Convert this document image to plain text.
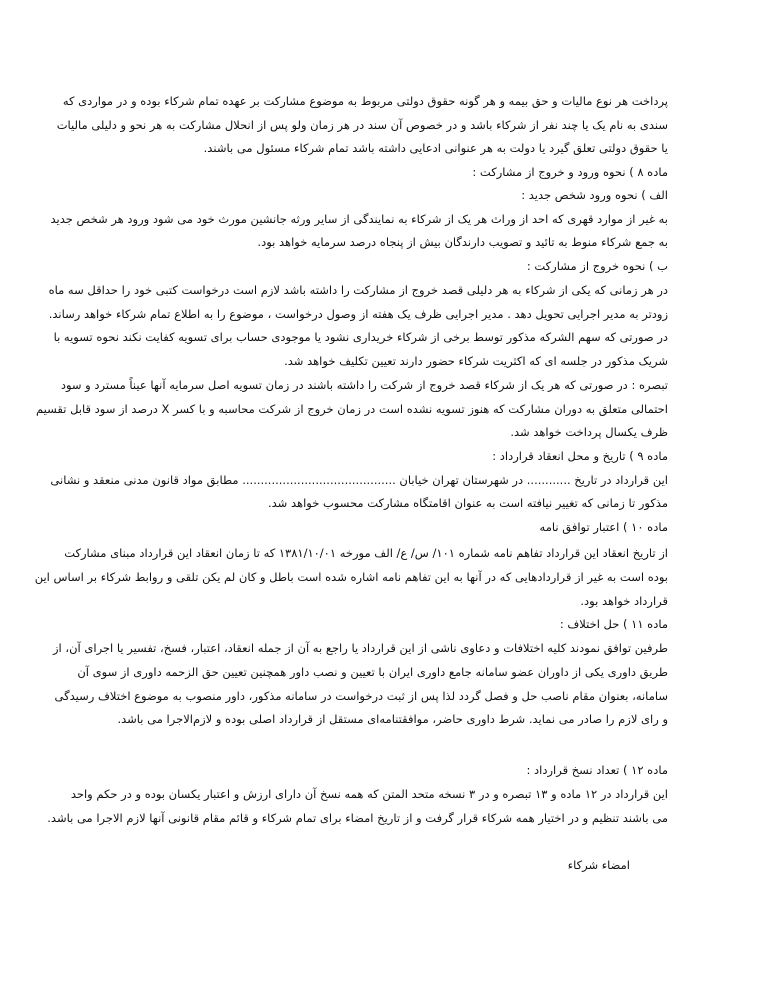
پرداخت هر نوع مالیات و حق بیمه و هر گونه حقوق دولتی مربوط به موضوع مشارکت بر عهده تمام شرکاء بوده و در مواردی که
سندی به نام یک یا چند نفر از شرکاء باشد و در خصوص آن سند در هر زمان ولو پس از انحلال مشارکت به هر نحو و دلیلی مالیات
یا حقوق دولتی تعلق گیرد یا دولت به هر عنوانی ادعایی داشته باشد تمام شرکاء مسئول می باشند.
ماده ۸ ) نحوه ورود و خروج از مشارکت :
الف ) نحوه ورود شخص جدید :
به غیر از موارد قهری که احد از وراث هر یک از شرکاء به نمایندگی از سایر ورثه جانشین مورث خود می شود ورود هر شخص جدید
به جمع شرکاء منوط به تائید و تصویب دارندگان بیش از پنجاه درصد سرمایه خواهد بود.
ب ) نحوه خروج از مشارکت :
در هر زمانی که یکی از شرکاء به هر دلیلی قصد خروج از مشارکت را داشته باشد لازم است درخواست کتبی خود را حداقل سه ماه
زودتر به مدیر اجرایی تحویل دهد . مدیر اجرایی ظرف یک هفته از وصول درخواست ، موضوع را به اطلاع تمام شرکاء خواهد رساند.
در صورتی که سهم الشرکه مذکور توسط برخی از شرکاء خریداری نشود یا موجودی حساب برای تسویه کفایت نکند نحوه تسویه با
شریک مذکور در جلسه ای که اکثریت شرکاء حضور دارند تعیین تکلیف خواهد شد.
تبصره : در صورتی که هر یک از شرکاء قصد خروج از شرکت را داشته باشند در زمان تسویه اصل سرمایه آنها عیناً مسترد و سود
احتمالی متعلق به دوران مشارکت که هنوز تسویه نشده است در زمان خروج از شرکت محاسبه و با کسر X درصد از سود قابل تقسیم
ظرف یکسال پرداخت خواهد شد.
ماده ۹ ) تاریخ و محل انعقاد قرارداد :
این قرارداد در تاریخ ............ در شهرستان تهران خیابان .......................................... مطابق مواد قانون مدنی منعقد و نشانی
مذکور تا زمانی که تغییر نیافته است به عنوان اقامتگاه مشارکت محسوب خواهد شد.
ماده ۱۰ ) اعتبار توافق نامه
از تاریخ انعقاد این قرارداد تفاهم نامه شماره ۱۰۱/ س/ ع/ الف مورخه ۱۳۸۱/۱۰/۰۱ که تا زمان انعقاد این قرارداد مبنای مشارکت
بوده است به غیر از قراردادهایی که در آنها به این تفاهم نامه اشاره شده است باطل و کان لم یکن تلقی و روابط شرکاء بر اساس این
قرارداد خواهد بود.
ماده ۱۱ ) حل اختلاف :
طرفین توافق نمودند کلیه اختلافات و دعاوی ناشی از این قرارداد یا راجع به آن از جمله انعقاد، اعتبار، فسخ، تفسیر یا اجرای آن، از
طریق داوری یکی از داوران عضو سامانه جامع داوری ایران با تعیین و نصب داور همچنین تعیین حق الزحمه داوری از سوی آن
سامانه، بعنوان مقام ناصب حل و فصل گردد لذا پس از ثبت درخواست در سامانه مذکور، داور منصوب به موضوع اختلاف رسیدگی
و رای لازم را صادر می نماید. شرط داوری حاضر، موافقتنامه‌ای مستقل از قرارداد اصلی بوده و لازم‌الاجرا می باشد.
ماده ۱۲ ) تعداد نسخ قرارداد :
این قرارداد در ۱۲ ماده و ۱۳ تبصره و در ۳ نسخه متحد المتن که همه نسخ آن دارای ارزش و اعتبار یکسان بوده و در حکم واحد
می باشند تنظیم و در اختیار همه شرکاء قرار گرفت و از تاریخ امضاء برای تمام شرکاء و قائم مقام قانونی آنها لازم الاجرا می باشد.
امضاء شرکاء
